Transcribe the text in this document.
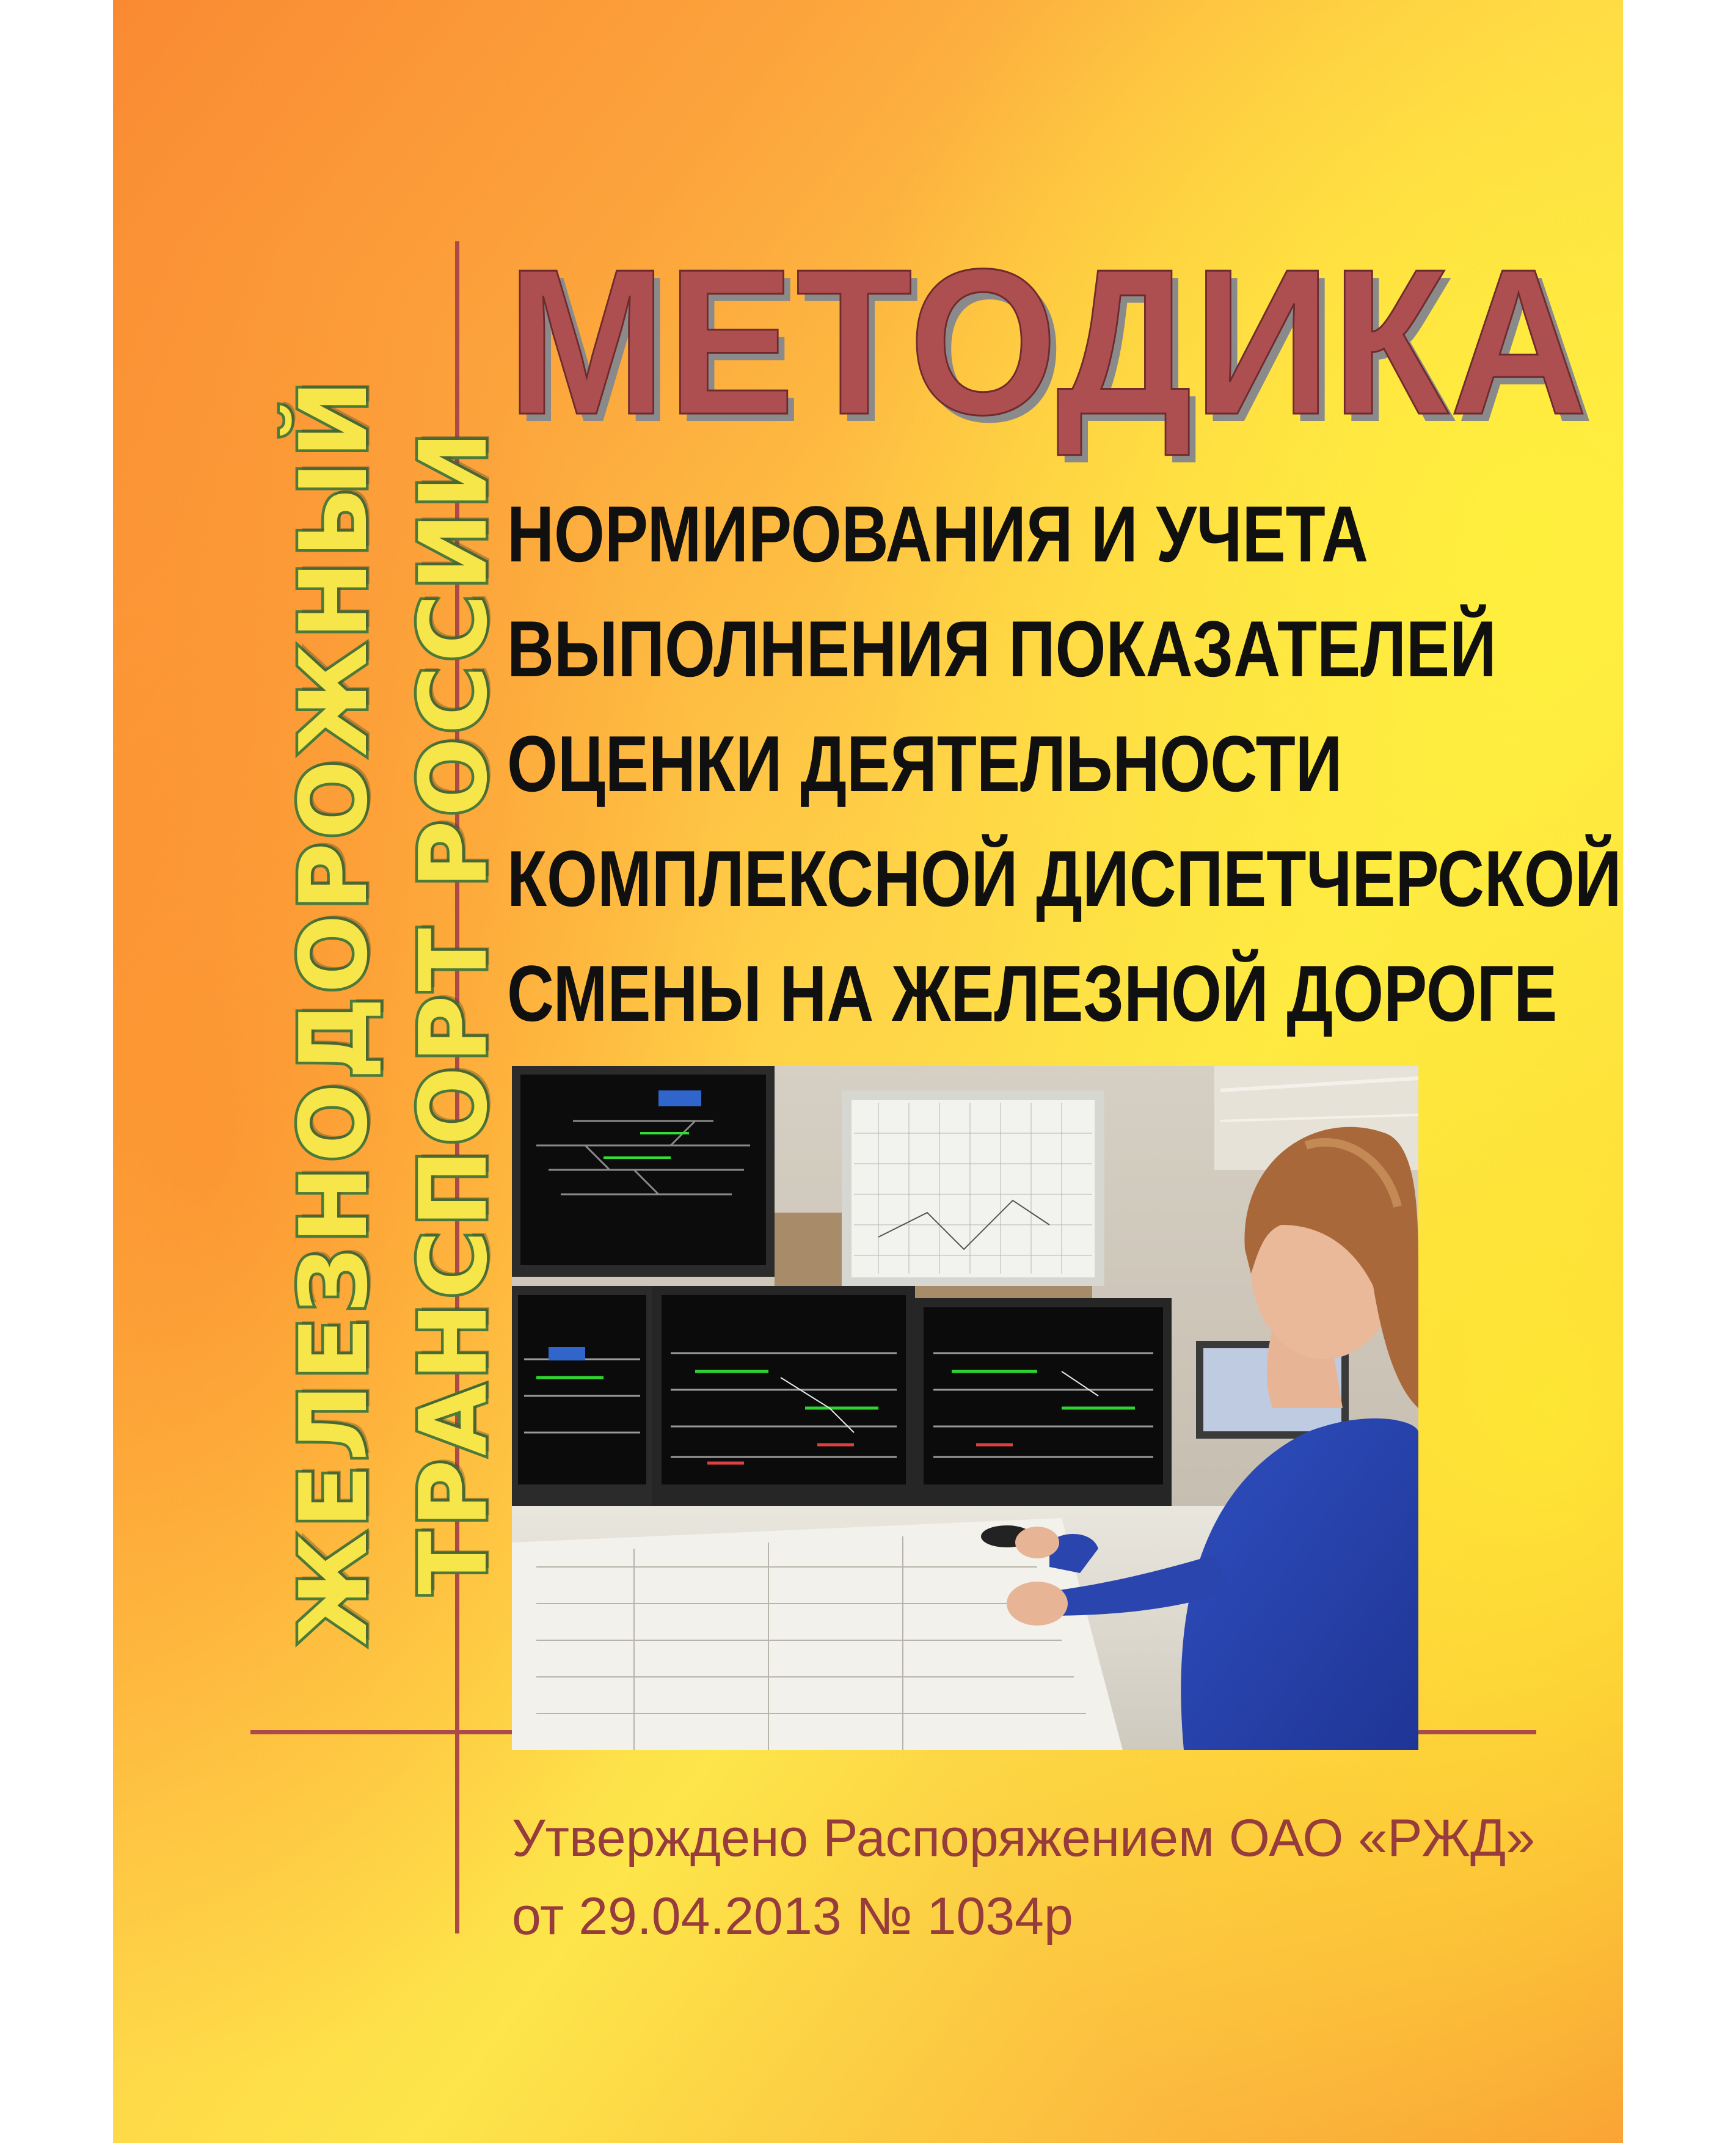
ЖЕЛЕЗНОДОРОЖНЫЙ ТРАНСПОРТ РОССИИ
МЕТОДИКА
НОРМИРОВАНИЯ И УЧЕТА
ВЫПОЛНЕНИЯ ПОКАЗАТЕЛЕЙ
ОЦЕНКИ ДЕЯТЕЛЬНОСТИ
КОМПЛЕКСНОЙ ДИСПЕТЧЕРСКОЙ
СМЕНЫ НА ЖЕЛЕЗНОЙ ДОРОГЕ
Утверждено Распоряжением ОАО «РЖД»
от 29.04.2013 № 1034р
